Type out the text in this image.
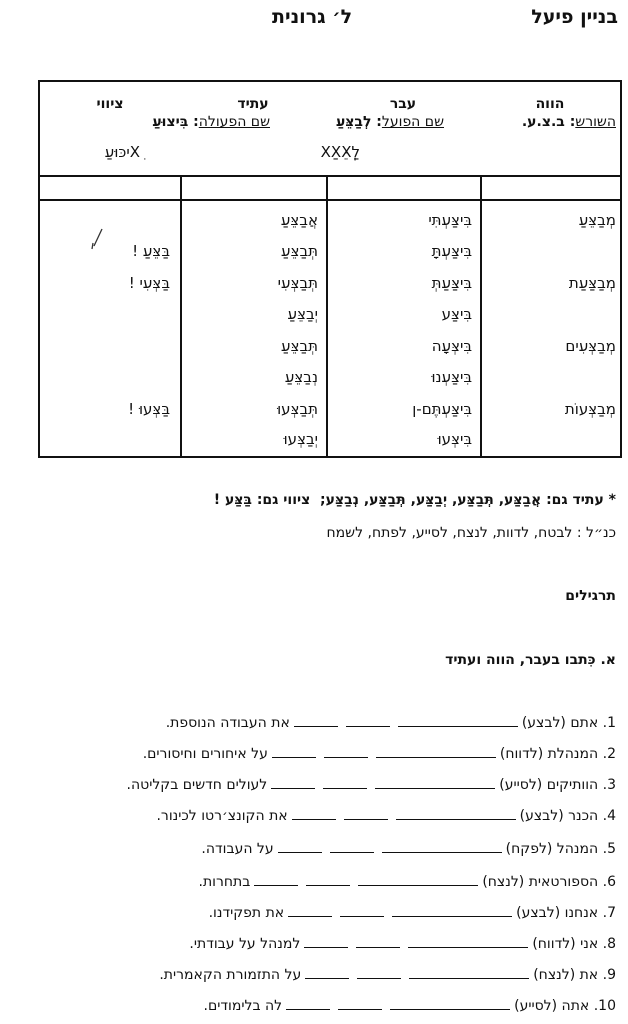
בניין פיעל
ל׳ גרונית
השורש: ב.צ.ע.
שם הפועל: לְבַצֵּעַ
שם הפעולה: בִּיצוּעַ
לְXַXֵּXַ
Xִיכּוּעַ
הווה
עבר
עתיד
ציווי
מְבַצֵּעַ
מְבַצַּעַת
מְבַצְּעִים
מְבַצְּעוֹת
בִּיצַּעְתִּי
בִּיצַּעְתָּ
בִּיצַּעַתְּ
בִּיצַּע
בִּיצְּעָה
בִּיצַּעְנוּ
בִּיצַּעְתֶּם-ן
בִּיצְּעוּ
אֲבַצֵּעַ
תְּבַצֵּעַ
תְּבַצְּעִי
יְבַצֵּעַ
תְּבַצֵּעַ
נְבַצֵּעַ
תְּבַצְּעוּ
יְבַצְּעוּ
בַּצֵּעַ !
בַּצְּעִי !
בַּצְּעוּ !
* עתיד גם: אֲבַצַּע, תְּבַצַּע, יְבַצַּע, תְּבַצַּע, נְבַצַּע;  ציווי גם: בַּצַּע !
כנ״ל : לבטח, לדוות, לנצח, לסייע, לפתח, לשמח
תרגילים
א. כִּתבו בעבר, הווה ועתיד
1. אתם (לבצע)את העבודה הנוספת.
2. המנהלת (לדווח)על איחורים וחיסורים.
3. הוותיקים (לסייע)לעולים חדשים בקליטה.
4. הכנר (לבצע)את הקונצ׳רטו לכינור.
5. המנהל (לפקח)על העבודה.
6. הספורטאית (לנצח)בתחרות.
7. אנחנו (לבצע)את תפקידנו.
8. אני (לדווח)למנהל על עבודתי.
9. את (לנצח)על התזמורת הקאמרית.
10. אתה (לסייע)לה בלימודים.
